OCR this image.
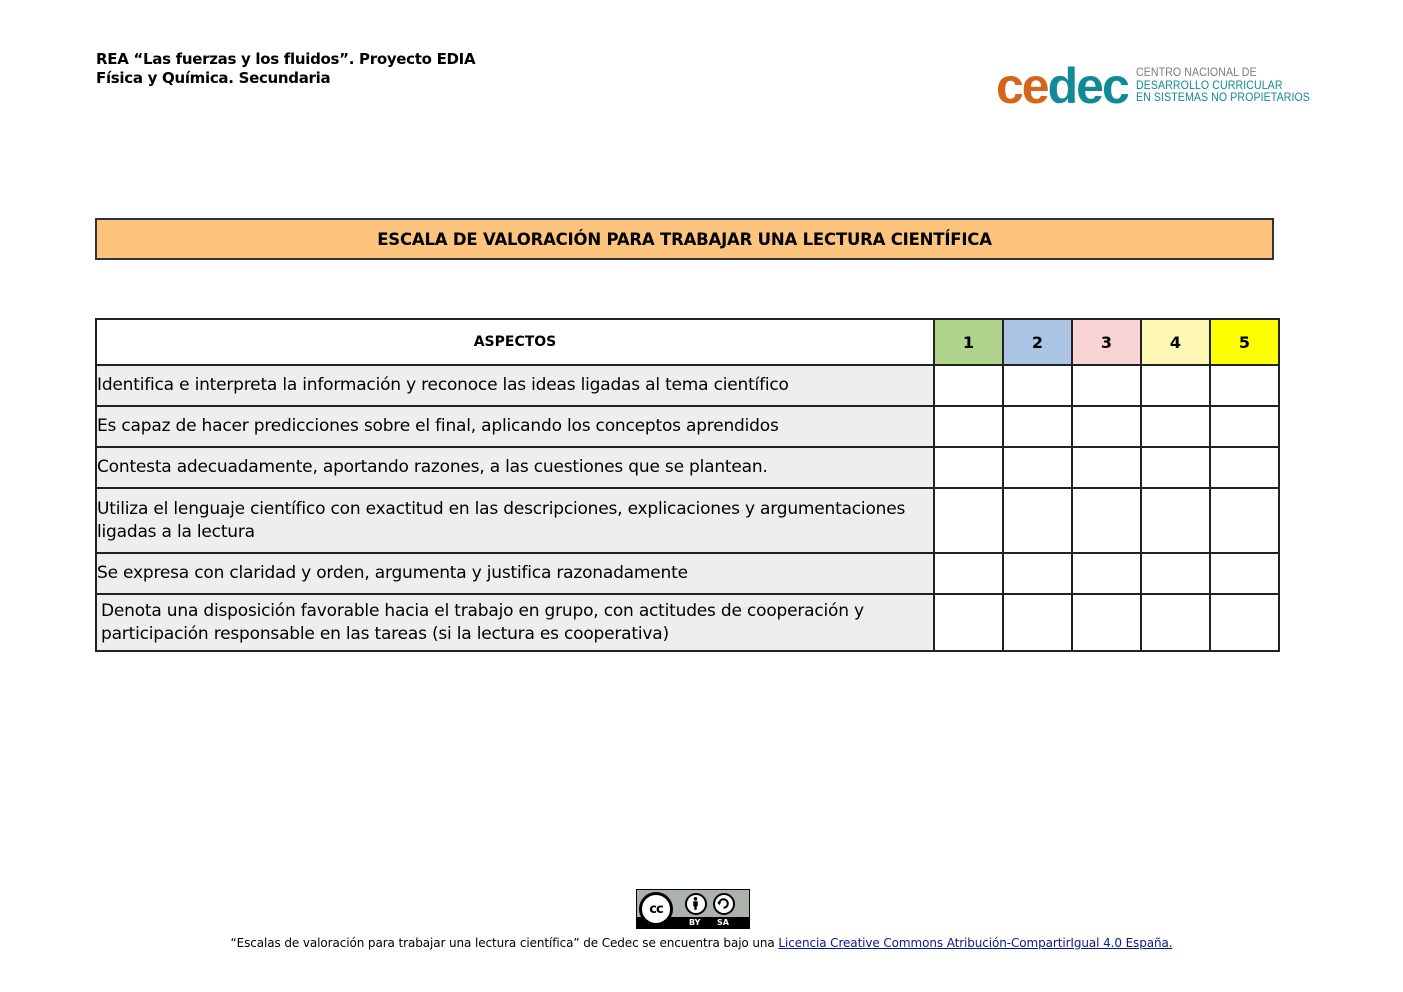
REA “Las fuerzas y los fluidos”. Proyecto EDIA
Física y Química. Secundaria	cedec CENTRO NACIONAL DE
DESARROLLO CURRICULAR
EN SISTEMAS NO PROPIETARIOS
ESCALA DE VALORACIÓN PARA TRABAJAR UNA LECTURA CIENTÍFICA
ASPECTOS	1	2	3	4	5
Identifica e interpreta la información y reconoce las ideas ligadas al tema científico					
Es capaz de hacer predicciones sobre el final, aplicando los conceptos aprendidos					
Contesta adecuadamente, aportando razones, a las cuestiones que se plantean.					
Utiliza el lenguaje científico con exactitud en las descripciones, explicaciones y argumentaciones ligadas a la lectura					
Se expresa con claridad y orden, argumenta y justifica razonadamente					
Denota una disposición favorable hacia el trabajo en grupo, con actitudes de cooperación y participación responsable en las tareas (si la lectura es cooperativa)					
cc
BY SA
“Escalas de valoración para trabajar una lectura científica” de Cedec se encuentra bajo una Licencia Creative Commons Atribución-CompartirIgual 4.0 España.
